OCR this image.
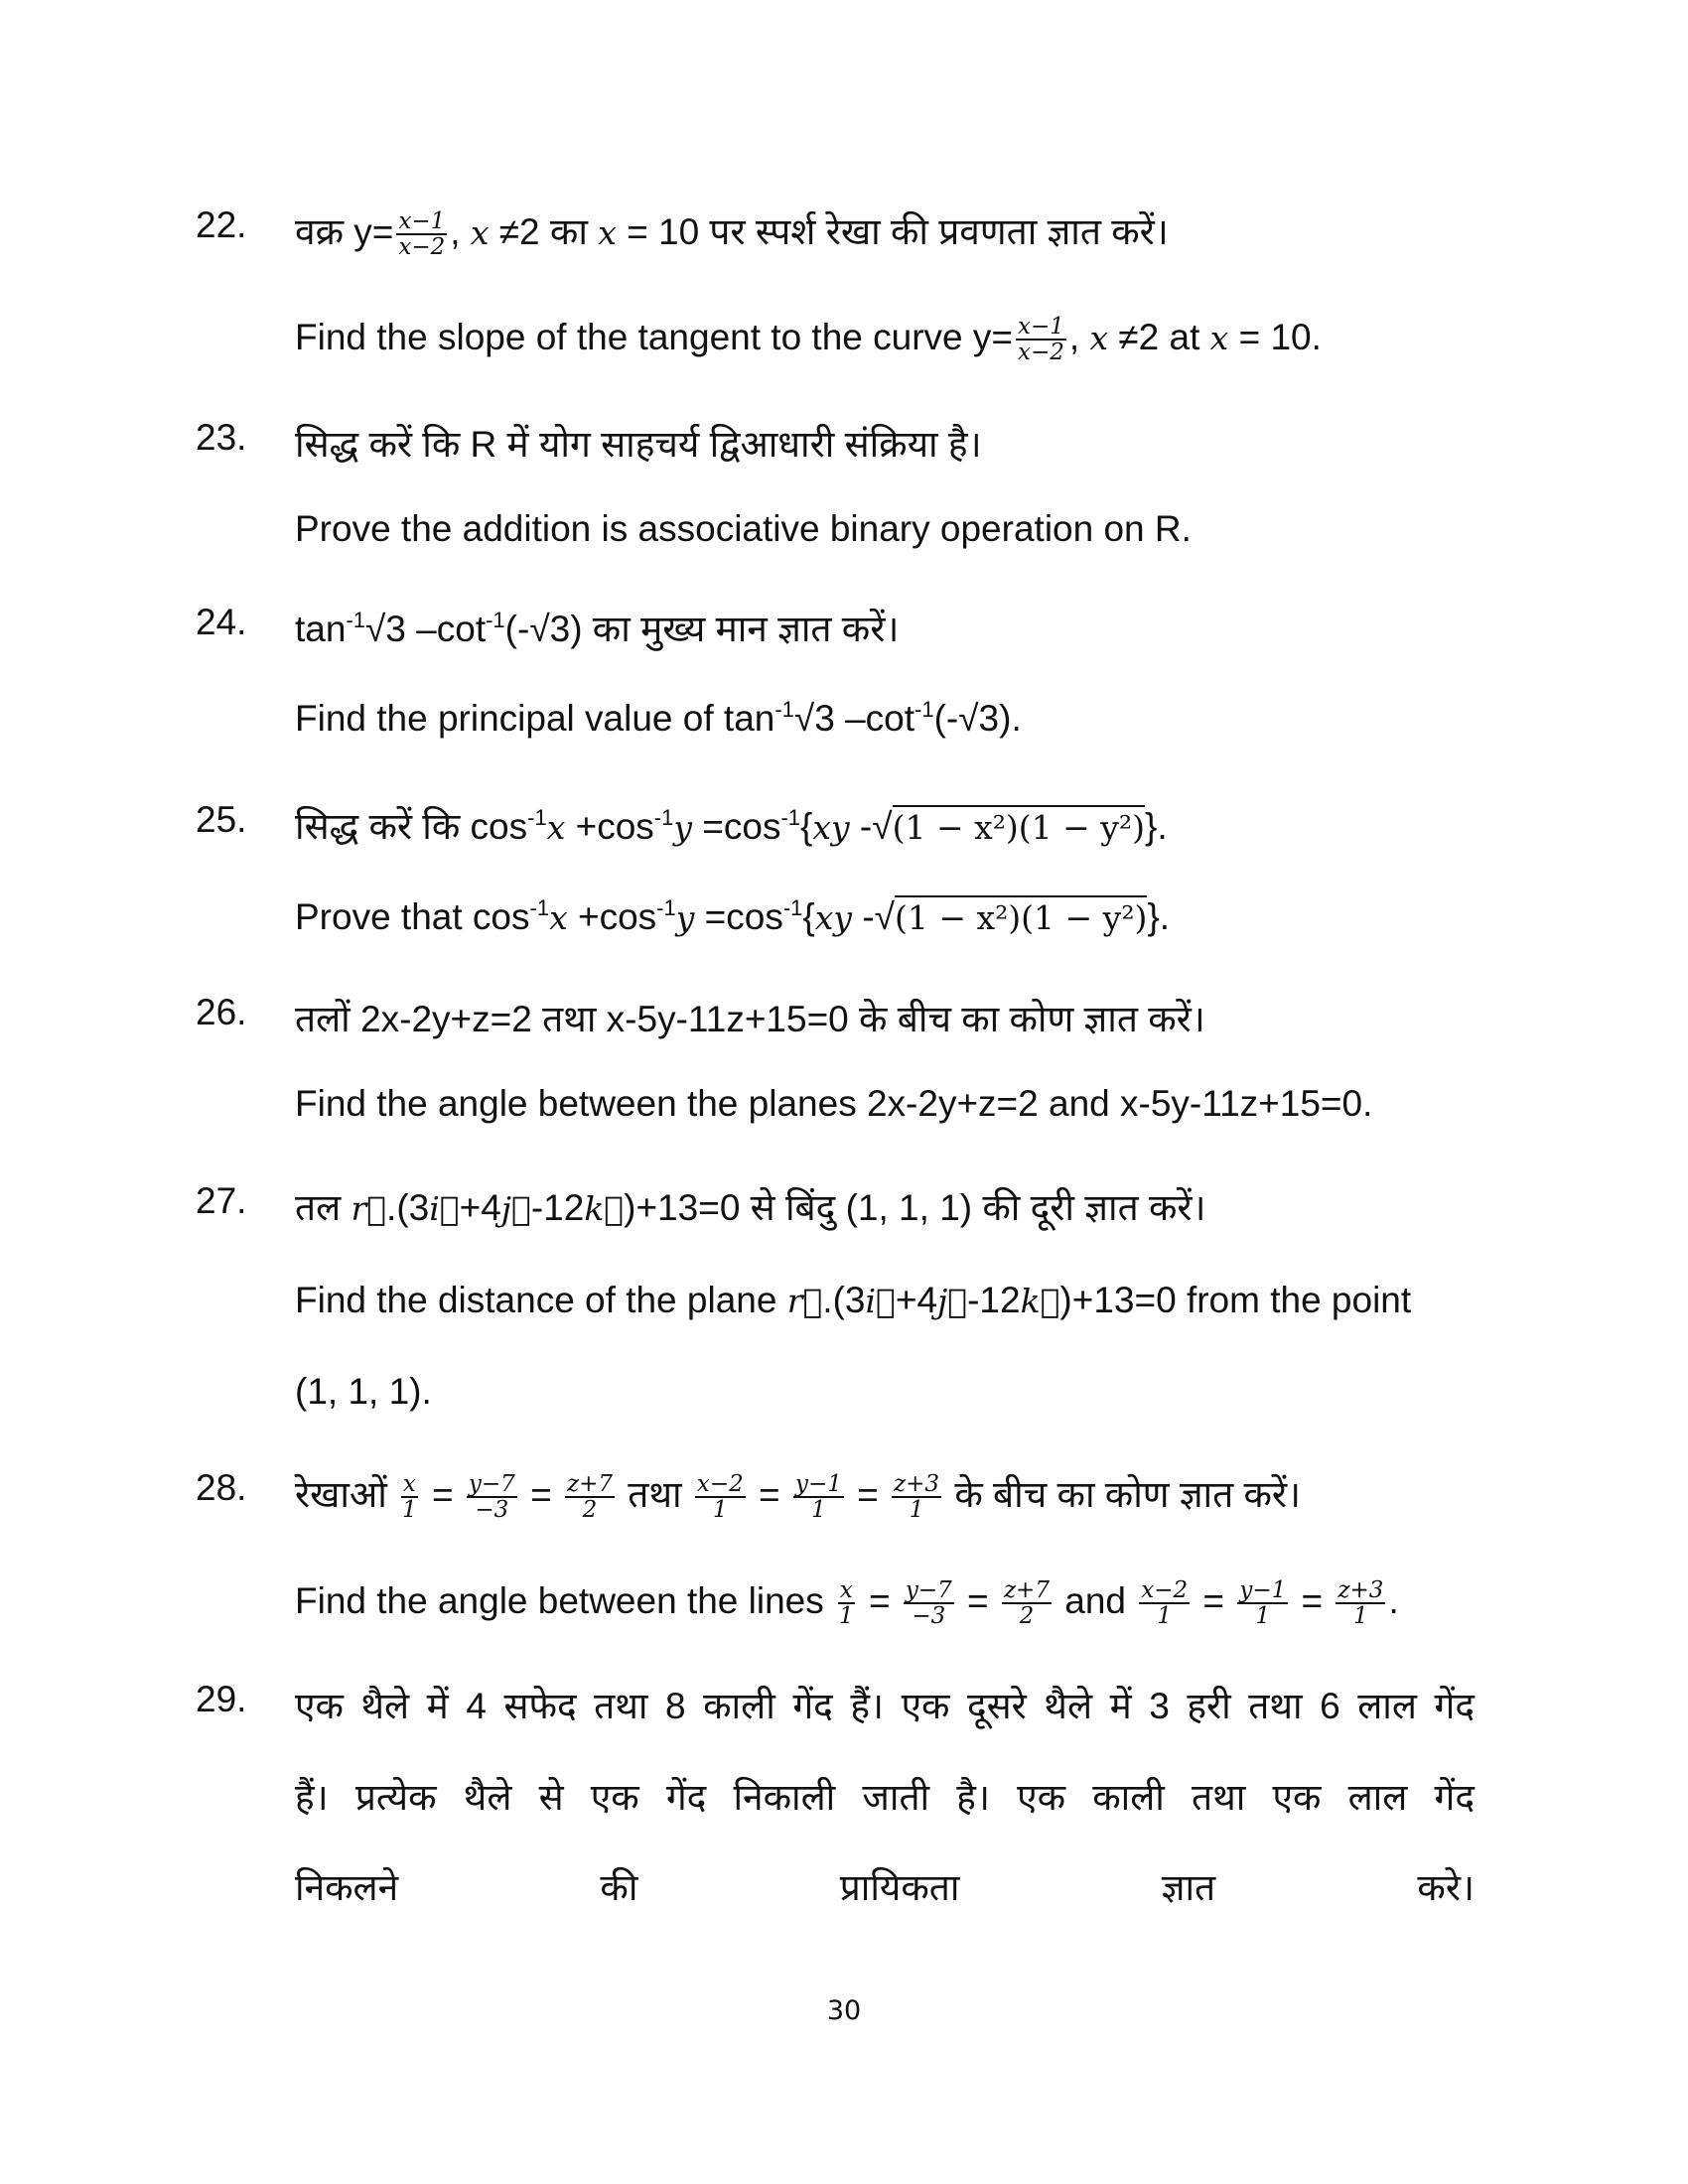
30
22. वक्र $y= \frac{x-1}{x-2}$ , x ≠2 का x = 10 पर स्पर्श रेखा की प्रवणता ज्ञात करें।
Find the slope of the tangent to the curve $y= \frac{x-1}{x-2}$ , x ≠2 at x = 10.
23. सिद्ध करें कि R में योग साहचर्य द्विआधारी संक्रिया है।
Prove the addition is associative binary operation on R.
24. $\tan^{-1}√3$ $-\cot^{-1}(-√3)$ का मुख्य मान ज्ञात करें।
Find the principal value of $\tan^{-1}√3$ $-\cot^{-1}(-√3)$.
25. सिद्ध करें कि $\cos^{-1}x +\cos^{-1}y =\cos^{-1}\{xy$ -√(1 − x²)(1 − y²)}.
Prove that $\cos^{-1}x +\cos^{-1}y =\cos^{-1}\{xy$ -√(1 − x²)(1 − y²)}.
26. तलों 2x-2y+z=2 तथा x-5y-11z+15=0 के बीच का कोण ज्ञात करें।
Find the angle between the planes 2x-2y+z=2 and x-5y-11z+15=0.
27. तल r⃗.(3i⃗+4j⃗-12k⃗)+13=0 से बिंदु (1, 1, 1) की दूरी ज्ञात करें।
Find the distance of the plane r⃗.(3i⃗+4j⃗-12k⃗)+13=0 from the point
(1, 1, 1).
28. रेखाओं $\frac{x}{1} = \frac{y-7}{-3} = \frac{z+7}{2}$ तथा $\frac{x-2}{1} = \frac{y-1}{1} = \frac{z+3}{1}$ के बीच का कोण ज्ञात करें।
Find the angle between the lines $\frac{x}{1} = \frac{y-7}{-3} = \frac{z+7}{2}$ and $\frac{x-2}{1} = \frac{y-1}{1} = \frac{z+3}{1}$ .
29. एक थैले में 4 सफेद तथा 8 काली गेंद हैं। एक दूसरे थैले में 3 हरी तथा 6 लाल गेंद
हैं। प्रत्येक थैले से एक गेंद निकाली जाती है। एक काली तथा एक लाल गेंद
निकलने की प्रायिकता ज्ञात करे।
